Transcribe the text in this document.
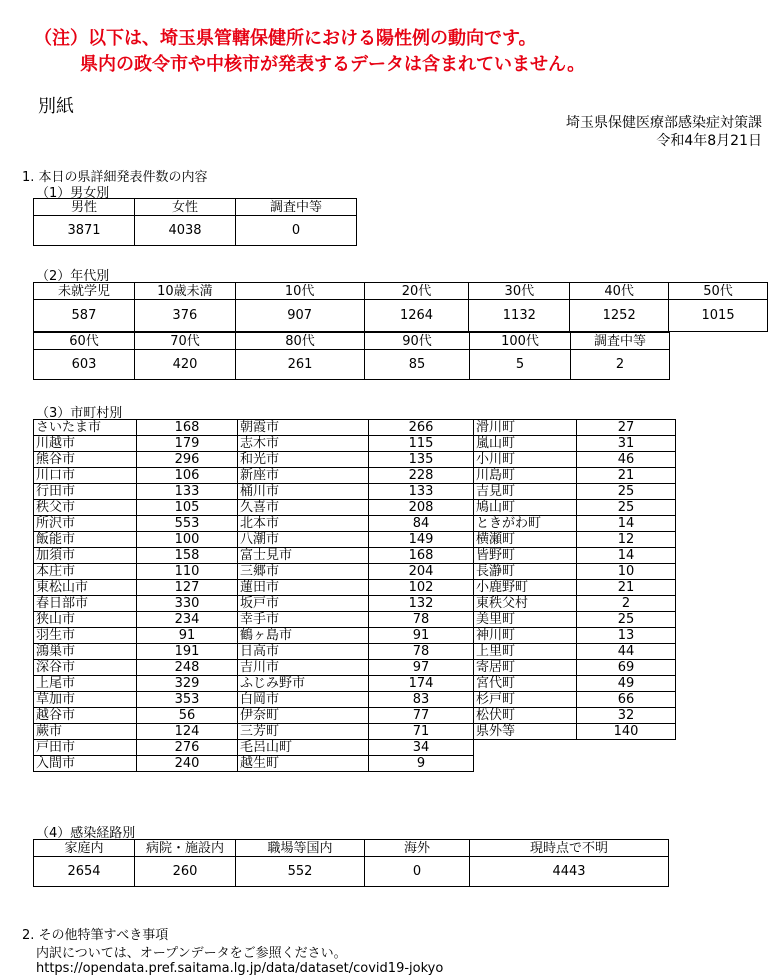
（注）以下は、埼玉県管轄保健所における陽性例の動向です。
県内の政令市や中核市が発表するデータは含まれていません。
別紙
埼玉県保健医療部感染症対策課
令和4年8月21日
1. 本日の県詳細発表件数の内容
（1）男女別
男性	女性	調査中等
3871	4038	0
（2）年代別
未就学児	10歳未満	10代	20代	30代	40代	50代
587	376	907	1264	1132	1252	1015
60代	70代	80代	90代	100代	調査中等
603	420	261	85	5	2
（3）市町村別
さいたま市	168	朝霞市	266	滑川町	27
川越市	179	志木市	115	嵐山町	31
熊谷市	296	和光市	135	小川町	46
川口市	106	新座市	228	川島町	21
行田市	133	桶川市	133	吉見町	25
秩父市	105	久喜市	208	鳩山町	25
所沢市	553	北本市	84	ときがわ町	14
飯能市	100	八潮市	149	横瀬町	12
加須市	158	富士見市	168	皆野町	14
本庄市	110	三郷市	204	長瀞町	10
東松山市	127	蓮田市	102	小鹿野町	21
春日部市	330	坂戸市	132	東秩父村	2
狭山市	234	幸手市	78	美里町	25
羽生市	91	鶴ヶ島市	91	神川町	13
鴻巣市	191	日高市	78	上里町	44
深谷市	248	吉川市	97	寄居町	69
上尾市	329	ふじみ野市	174	宮代町	49
草加市	353	白岡市	83	杉戸町	66
越谷市	56	伊奈町	77	松伏町	32
蕨市	124	三芳町	71	県外等	140
戸田市	276	毛呂山町	34		
入間市	240	越生町	9		
（4）感染経路別
家庭内	病院・施設内	職場等国内	海外	現時点で不明
2654	260	552	0	4443
2. その他特筆すべき事項
内訳については、オープンデータをご参照ください。
https://opendata.pref.saitama.lg.jp/data/dataset/covid19-jokyo
